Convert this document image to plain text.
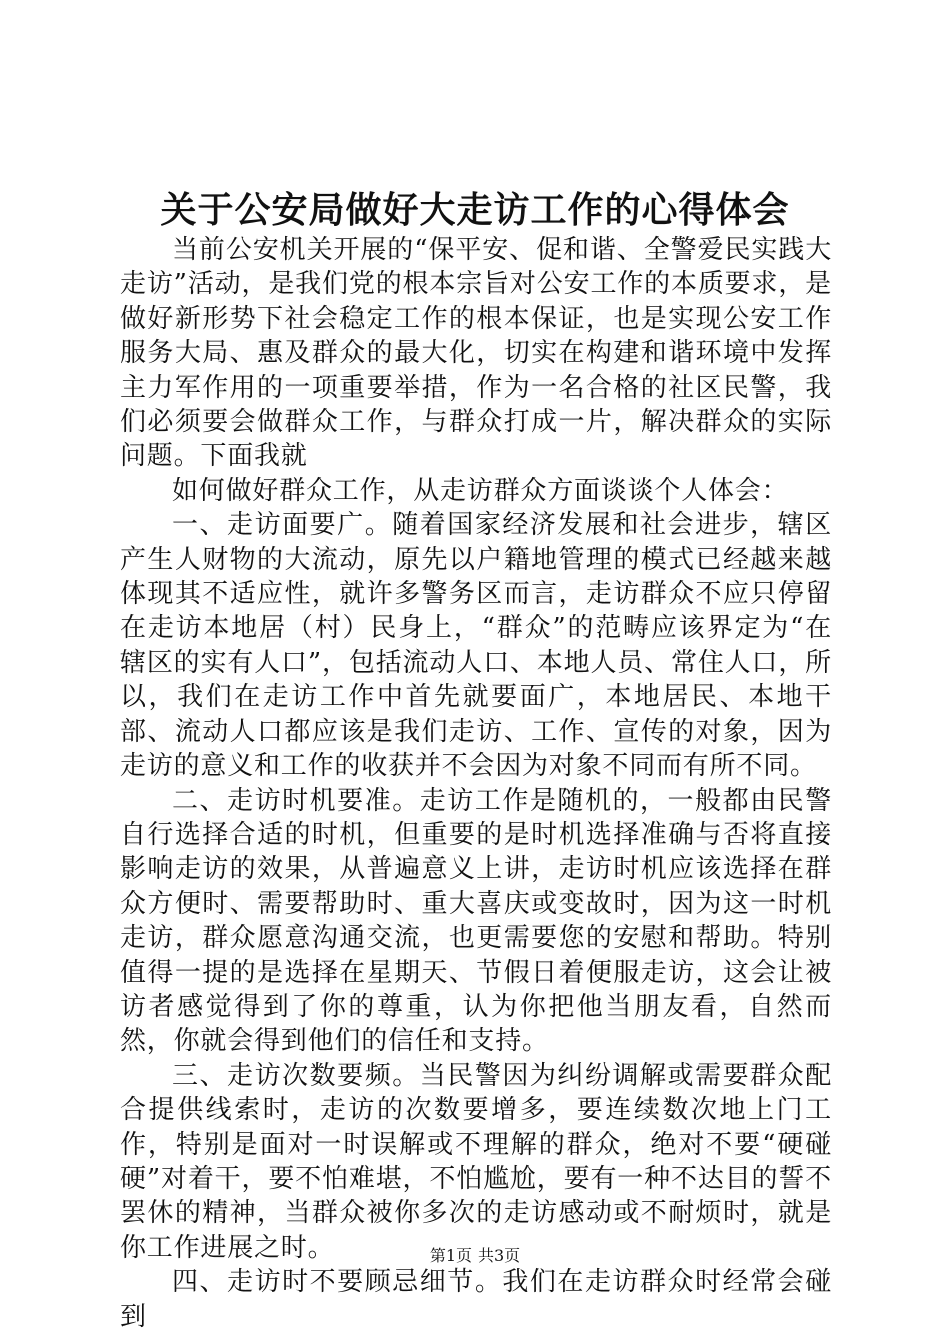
关于公安局做好大走访工作的心得体会

当前公安机关开展的“保平安、促和谐、全警爱民实践大走访”活动，是我们党的根本宗旨对公安工作的本质要求，是做好新形势下社会稳定工作的根本保证，也是实现公安工作服务大局、惠及群众的最大化，切实在构建和谐环境中发挥主力军作用的一项重要举措，作为一名合格的社区民警，我们必须要会做群众工作，与群众打成一片，解决群众的实际问题。下面我就

如何做好群众工作，从走访群众方面谈谈个人体会：

一、走访面要广。随着国家经济发展和社会进步，辖区产生人财物的大流动，原先以户籍地管理的模式已经越来越体现其不适应性，就许多警务区而言，走访群众不应只停留在走访本地居（村）民身上，“群众”的范畴应该界定为“在辖区的实有人口”，包括流动人口、本地人员、常住人口，所以，我们在走访工作中首先就要面广，本地居民、本地干部、流动人口都应该是我们走访、工作、宣传的对象，因为走访的意义和工作的收获并不会因为对象不同而有所不同。

二、走访时机要准。走访工作是随机的，一般都由民警自行选择合适的时机，但重要的是时机选择准确与否将直接影响走访的效果，从普遍意义上讲，走访时机应该选择在群众方便时、需要帮助时、重大喜庆或变故时，因为这一时机走访，群众愿意沟通交流，也更需要您的安慰和帮助。特别值得一提的是选择在星期天、节假日着便服走访，这会让被访者感觉得到了你的尊重，认为你把他当朋友看，自然而然，你就会得到他们的信任和支持。

三、走访次数要频。当民警因为纠纷调解或需要群众配合提供线索时，走访的次数要增多，要连续数次地上门工作，特别是面对一时误解或不理解的群众，绝对不要“硬碰硬”对着干，要不怕难堪，不怕尴尬，要有一种不达目的誓不罢休的精神，当群众被你多次的走访感动或不耐烦时，就是你工作进展之时。

四、走访时不要顾忌细节。我们在走访群众时经常会碰到

第1页 共3页
